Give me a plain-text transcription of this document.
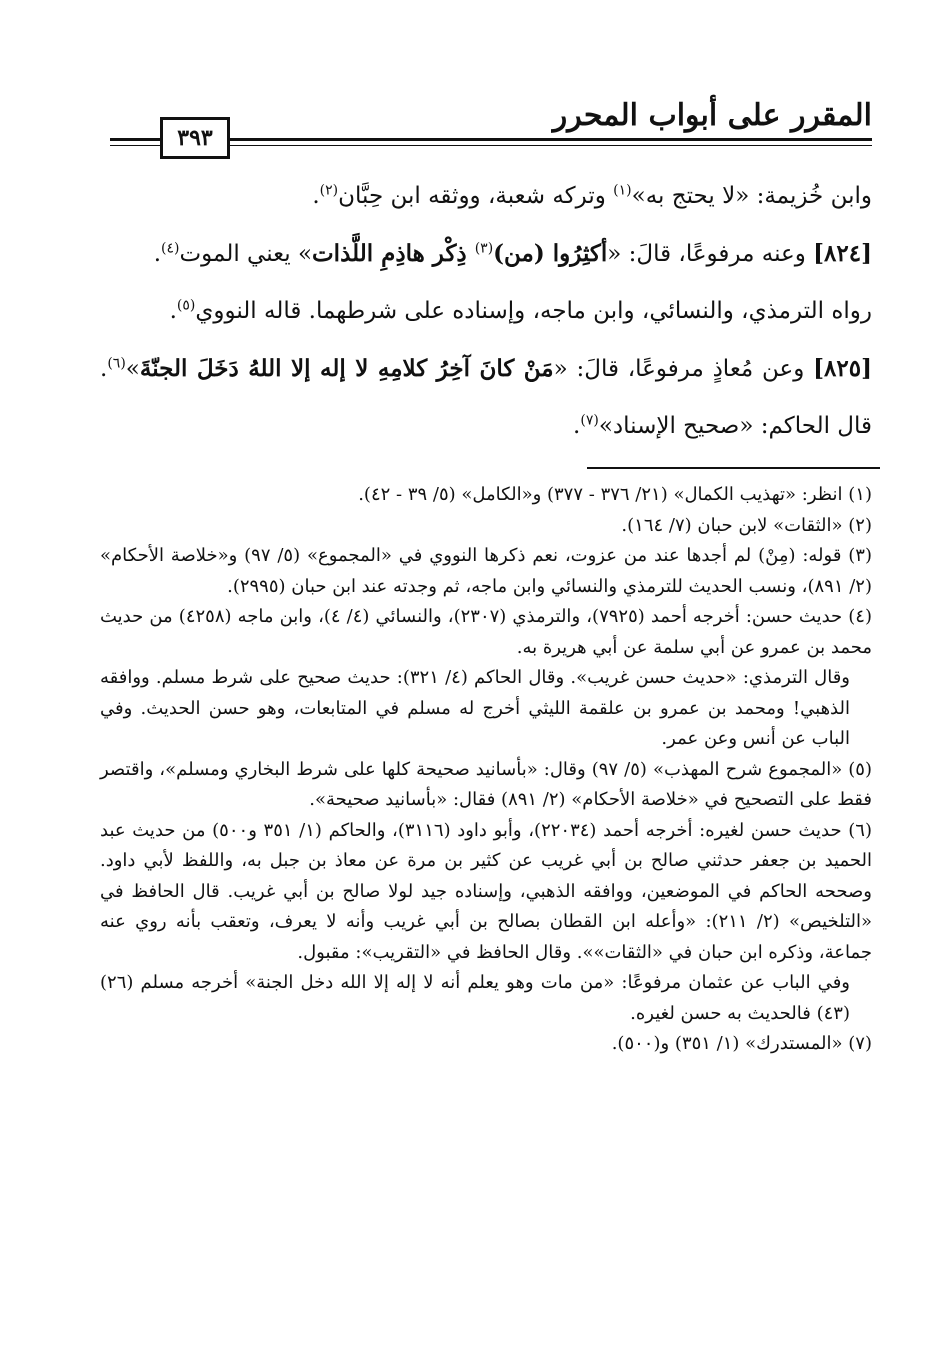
المقرر على أبواب المحرر
٣٩٣

وابن خُزيمة: «لا يحتج به»$^{(١)}$ وتركه شعبة، ووثقه ابن حِبَّان$^{(٢)}$.

[٨٢٤] وعنه مرفوعًا، قالَ: «أكثِرُوا (من)$^{(٣)}$ ذِكْر هاذِمِ اللَّذات» يعني الموت$^{(٤)}$.

رواه الترمذي، والنسائي، وابن ماجه، وإسناده على شرطهما. قاله النووي$^{(٥)}$.

[٨٢٥] وعن مُعاذٍ مرفوعًا، قالَ: «مَنْ كانَ آخِرُ كلامِهِ لا إله إلا اللهُ دَخَلَ الجنّةَ»$^{(٦)}$. قال الحاكم: «صحيح الإسناد»$^{(٧)}$.

(١) انظر: «تهذيب الكمال» (٢١/ ٣٧٦ - ٣٧٧) و«الكامل» (٥/ ٣٩ - ٤٢).

(٢) «الثقات» لابن حبان (٧/ ١٦٤).

(٣) قوله: (مِنْ) لم أجدها عند من عزوت، نعم ذكرها النووي في «المجموع» (٥/ ٩٧) و«خلاصة الأحكام» (٢/ ٨٩١)، ونسب الحديث للترمذي والنسائي وابن ماجه، ثم وجدته عند ابن حبان (٢٩٩٥).

(٤) حديث حسن: أخرجه أحمد (٧٩٢٥)، والترمذي (٢٣٠٧)، والنسائي (٤/ ٤)، وابن ماجه (٤٢٥٨) من حديث محمد بن عمرو عن أبي سلمة عن أبي هريرة به.

وقال الترمذي: «حديث حسن غريب». وقال الحاكم (٤/ ٣٢١): حديث صحيح على شرط مسلم. ووافقه الذهبي! ومحمد بن عمرو بن علقمة الليثي أخرج له مسلم في المتابعات، وهو حسن الحديث. وفي الباب عن أنس وعن عمر.

(٥) «المجموع شرح المهذب» (٥/ ٩٧) وقال: «بأسانيد صحيحة كلها على شرط البخاري ومسلم»، واقتصر فقط على التصحيح في «خلاصة الأحكام» (٢/ ٨٩١) فقال: «بأسانيد صحيحة».

(٦) حديث حسن لغيره: أخرجه أحمد (٢٢٠٣٤)، وأبو داود (٣١١٦)، والحاكم (١/ ٣٥١ و٥٠٠) من حديث عبد الحميد بن جعفر حدثني صالح بن أبي غريب عن كثير بن مرة عن معاذ بن جبل به، واللفظ لأبي داود. وصححه الحاكم في الموضعين، ووافقه الذهبي، وإسناده جيد لولا صالح بن أبي غريب. قال الحافظ في «التلخيص» (٢/ ٢١١): «وأعله ابن القطان بصالح بن أبي غريب وأنه لا يعرف، وتعقب بأنه روي عنه جماعة، وذكره ابن حبان في «الثقات»». وقال الحافظ في «التقريب»: مقبول.

وفي الباب عن عثمان مرفوعًا: «من مات وهو يعلم أنه لا إله إلا الله دخل الجنة» أخرجه مسلم (٢٦) (٤٣) فالحديث به حسن لغيره.

(٧) «المستدرك» (١/ ٣٥١) و(٥٠٠).
